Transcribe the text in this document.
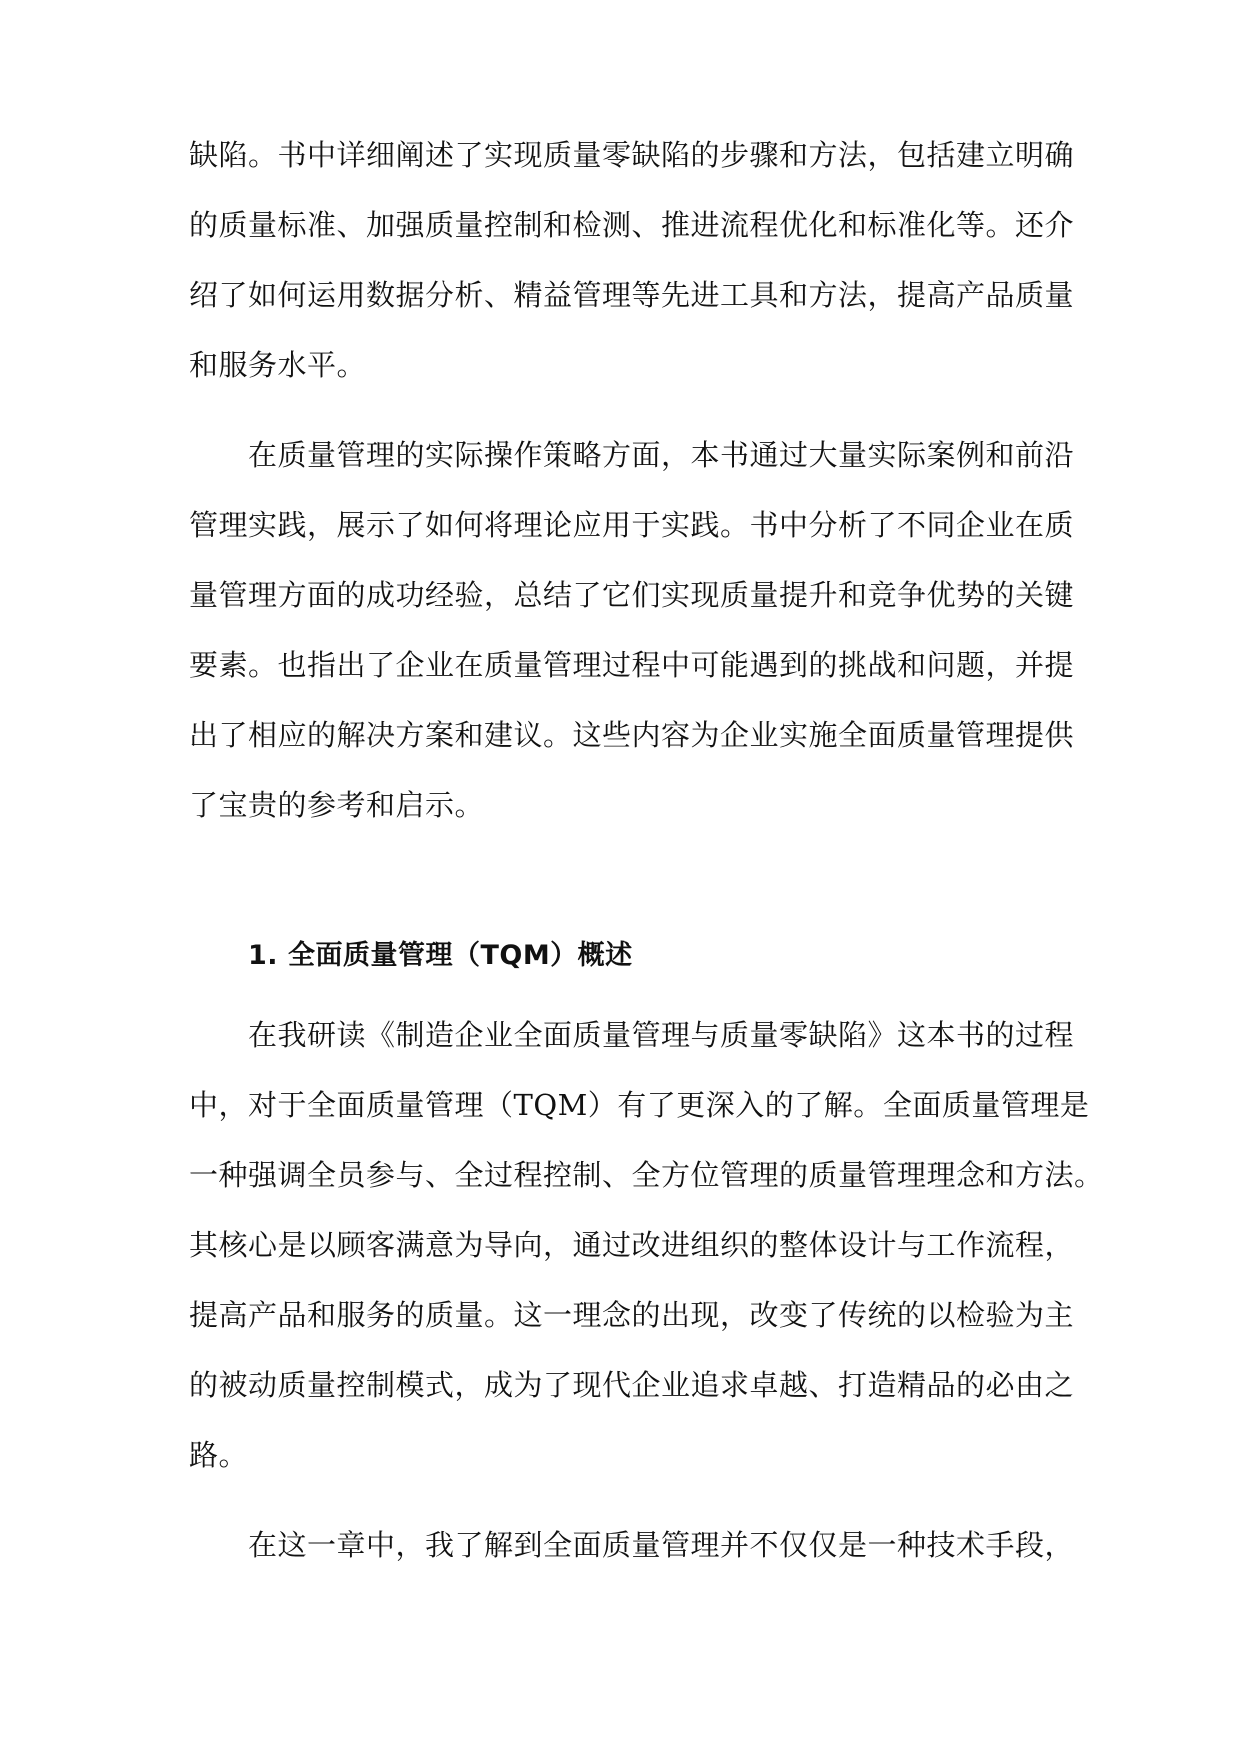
缺陷。书中详细阐述了实现质量零缺陷的步骤和方法，包括建立明确
的质量标准、加强质量控制和检测、推进流程优化和标准化等。还介
绍了如何运用数据分析、精益管理等先进工具和方法，提高产品质量
和服务水平。
在质量管理的实际操作策略方面，本书通过大量实际案例和前沿
管理实践，展示了如何将理论应用于实践。书中分析了不同企业在质
量管理方面的成功经验，总结了它们实现质量提升和竞争优势的关键
要素。也指出了企业在质量管理过程中可能遇到的挑战和问题，并提
出了相应的解决方案和建议。这些内容为企业实施全面质量管理提供
了宝贵的参考和启示。
1. 全面质量管理（TQM）概述
在我研读《制造企业全面质量管理与质量零缺陷》这本书的过程
中，对于全面质量管理（TQM）有了更深入的了解。全面质量管理是
一种强调全员参与、全过程控制、全方位管理的质量管理理念和方法。
其核心是以顾客满意为导向，通过改进组织的整体设计与工作流程，
提高产品和服务的质量。这一理念的出现，改变了传统的以检验为主
的被动质量控制模式，成为了现代企业追求卓越、打造精品的必由之
路。
在这一章中，我了解到全面质量管理并不仅仅是一种技术手段，
